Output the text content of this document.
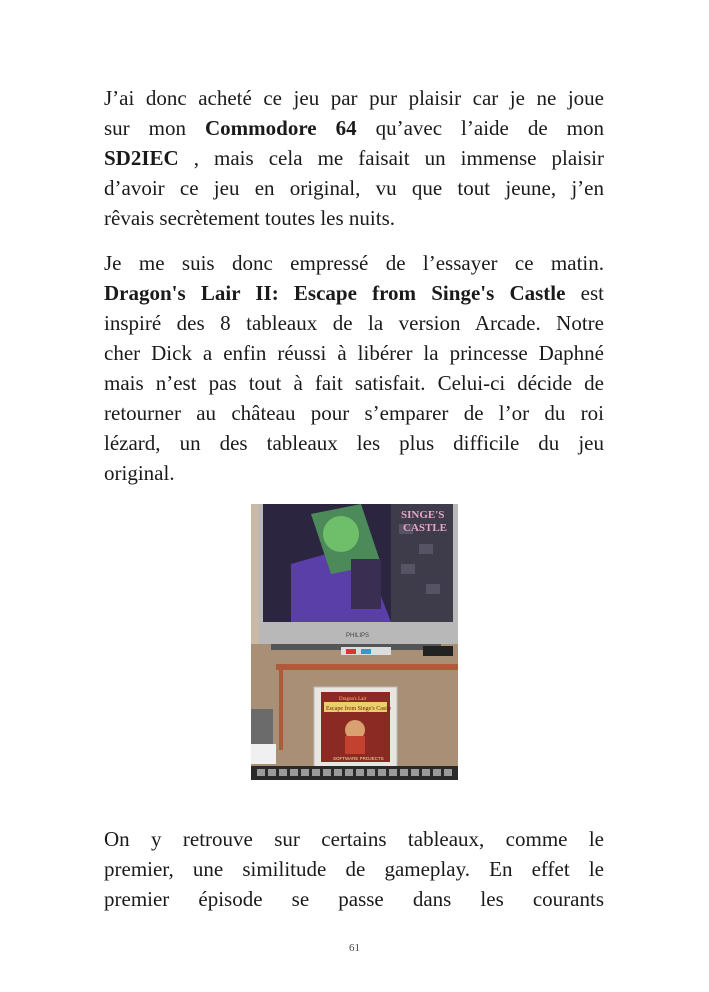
J’ai donc acheté ce jeu par pur plaisir car je ne joue
sur mon Commodore 64 qu’avec l’aide de mon
SD2IEC , mais cela me faisait un immense plaisir
d’avoir ce jeu en original, vu que tout jeune, j’en
rêvais secrètement toutes les nuits.

Je me suis donc empressé de l’essayer ce matin.
Dragon's Lair II: Escape from Singe's Castle est
inspiré des 8 tableaux de la version Arcade. Notre
cher Dick a enfin réussi à libérer la princesse Daphné
mais n’est pas tout à fait satisfait. Celui-ci décide de
retourner au château pour s’emparer de l’or du roi
lézard, un des tableaux les plus difficile du jeu
original.

SINGE'S
CASTLE
PHILIPS
Dragon's Lair
Escape from Singe's Castle
SOFTWARE PROJECTS

On y retrouve sur certains tableaux, comme le
premier, une similitude de gameplay. En effet le
premier épisode se passe dans les courants

61
